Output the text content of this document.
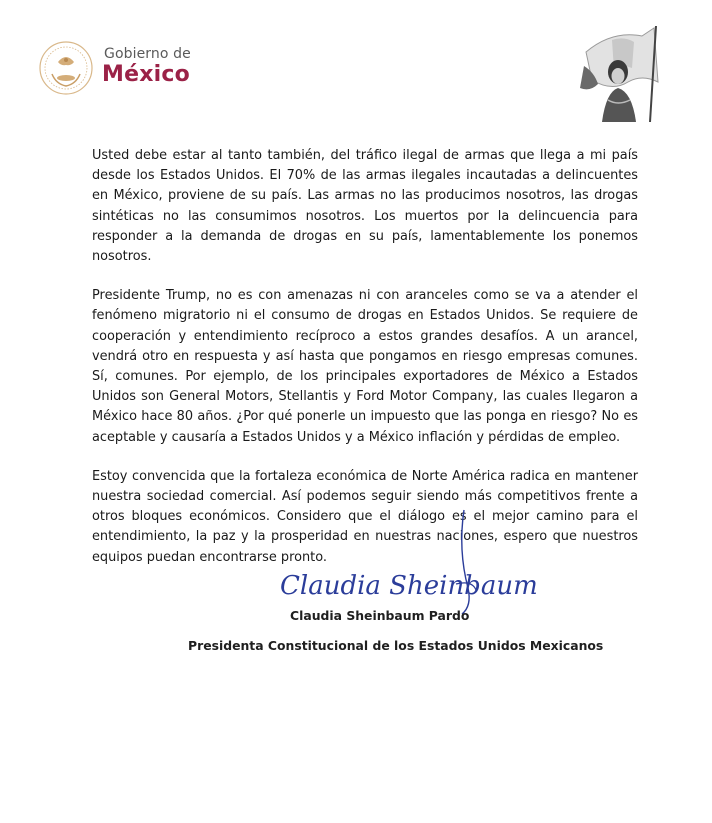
Gobierno de
México

Usted debe estar al tanto también, del tráfico ilegal de armas que llega a mi país desde los Estados Unidos. El 70% de las armas ilegales incautadas a delincuentes en México, proviene de su país. Las armas no las producimos nosotros, las drogas sintéticas no las consumimos nosotros. Los muertos por la delincuencia para responder a la demanda de drogas en su país, lamentablemente los ponemos nosotros.

Presidente Trump, no es con amenazas ni con aranceles como se va a atender el fenómeno migratorio ni el consumo de drogas en Estados Unidos. Se requiere de cooperación y entendimiento recíproco a estos grandes desafíos. A un arancel, vendrá otro en respuesta y así hasta que pongamos en riesgo empresas comunes. Sí, comunes. Por ejemplo, de los principales exportadores de México a Estados Unidos son General Motors, Stellantis y Ford Motor Company, las cuales llegaron a México hace 80 años. ¿Por qué ponerle un impuesto que las ponga en riesgo? No es aceptable y causaría a Estados Unidos y a México inflación y pérdidas de empleo.

Estoy convencida que la fortaleza económica de Norte América radica en mantener nuestra sociedad comercial. Así podemos seguir siendo más competitivos frente a otros bloques económicos. Considero que el diálogo es el mejor camino para el entendimiento, la paz y la prosperidad en nuestras naciones, espero que nuestros equipos puedan encontrarse pronto.

Claudia Sheinbaum
Claudia Sheinbaum Pardo
Presidenta Constitucional de los Estados Unidos Mexicanos
